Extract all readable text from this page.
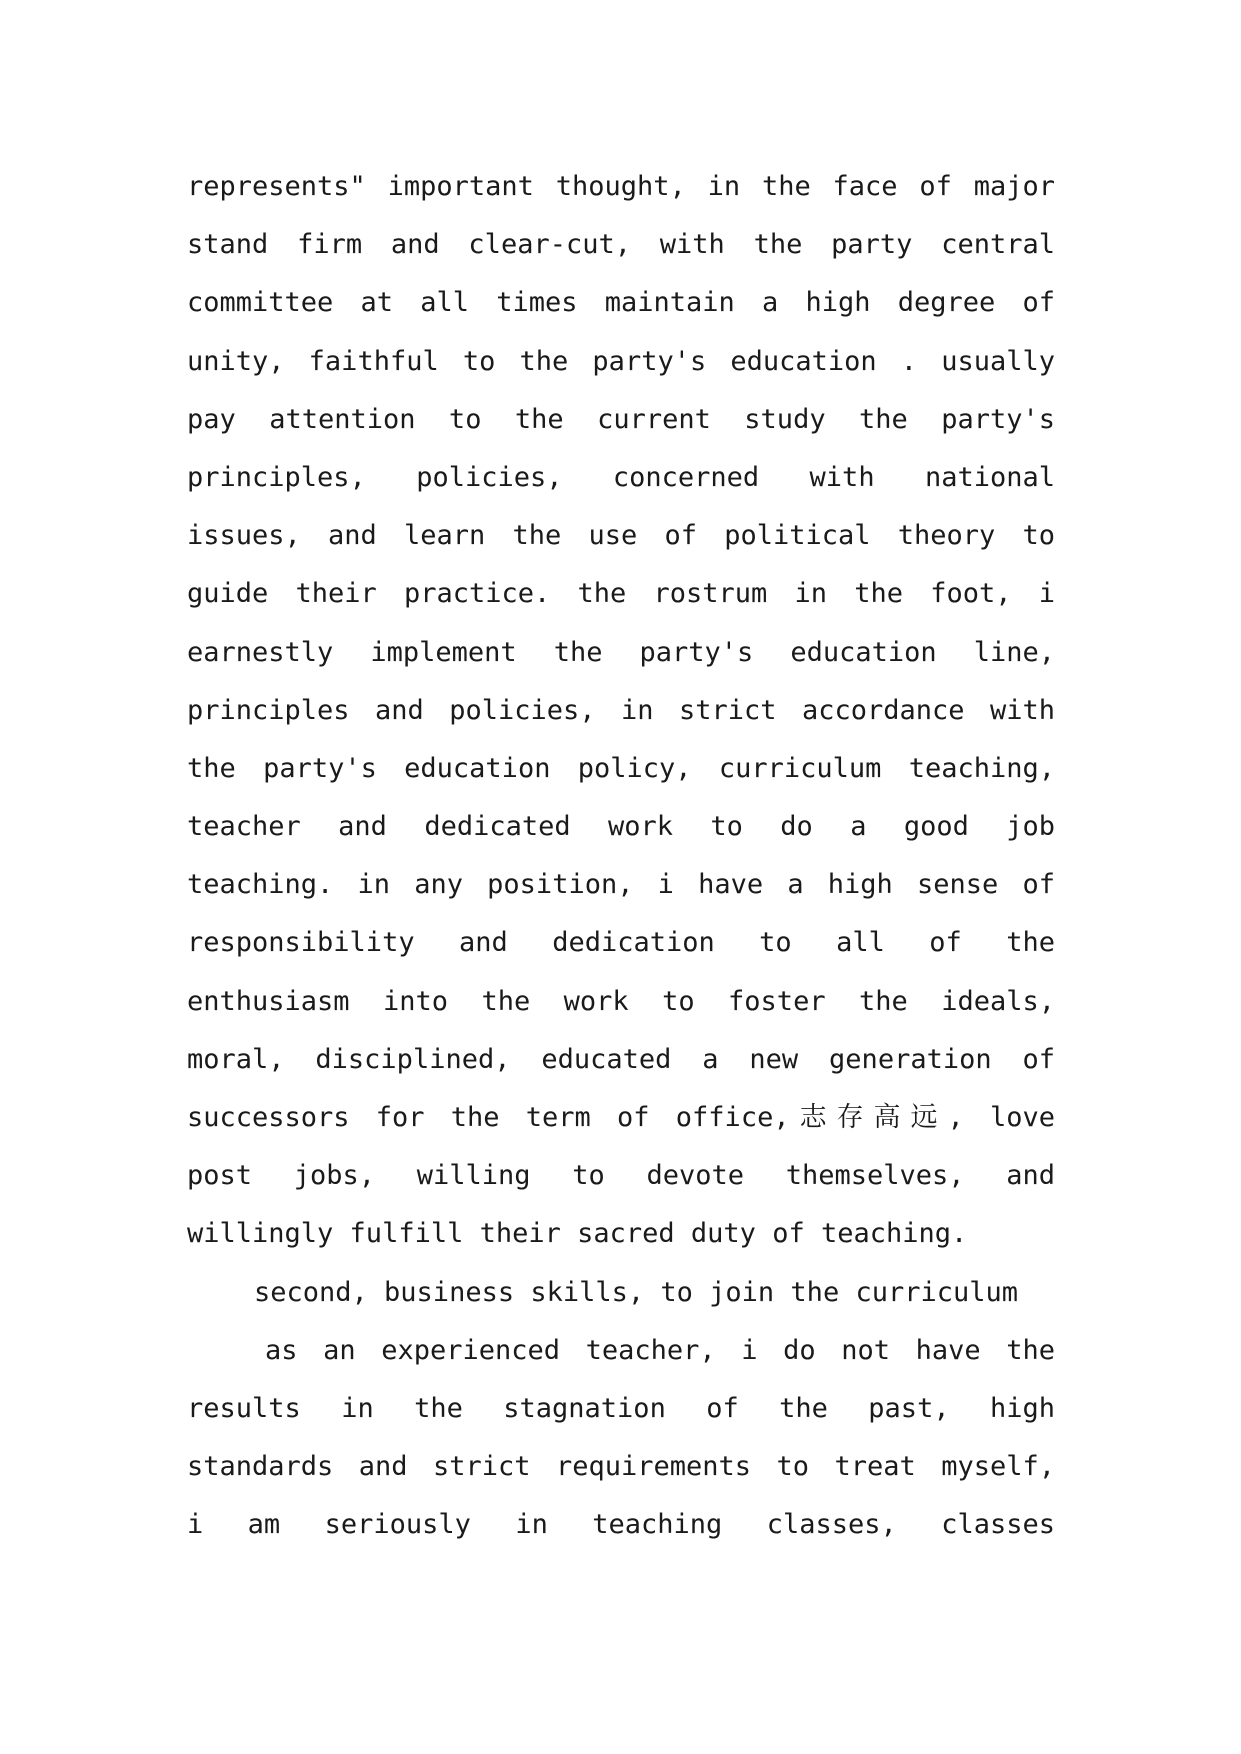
represents" important thought, in the face of major
stand firm and clear-cut, with the party central
committee at all times maintain a high degree of
unity, faithful to the party's education . usually
pay attention to the current study the party's
principles, policies, concerned with national
issues, and learn the use of political theory to
guide their practice. the rostrum in the foot, i
earnestly implement the party's education line,
principles and policies, in strict accordance with
the party's education policy, curriculum teaching,
teacher and dedicated work to do a good job
teaching. in any position, i have a high sense of
responsibility and dedication to all of the
enthusiasm into the work to foster the ideals,
moral, disciplined, educated a new generation of
successors for the term of office,志存高远, love
post jobs, willing to devote themselves, and
willingly fulfill their sacred duty of teaching.
second, business skills, to join the curriculum
as an experienced teacher, i do not have the
results in the stagnation of the past, high
standards and strict requirements to treat myself,
i am seriously in teaching classes, classes
